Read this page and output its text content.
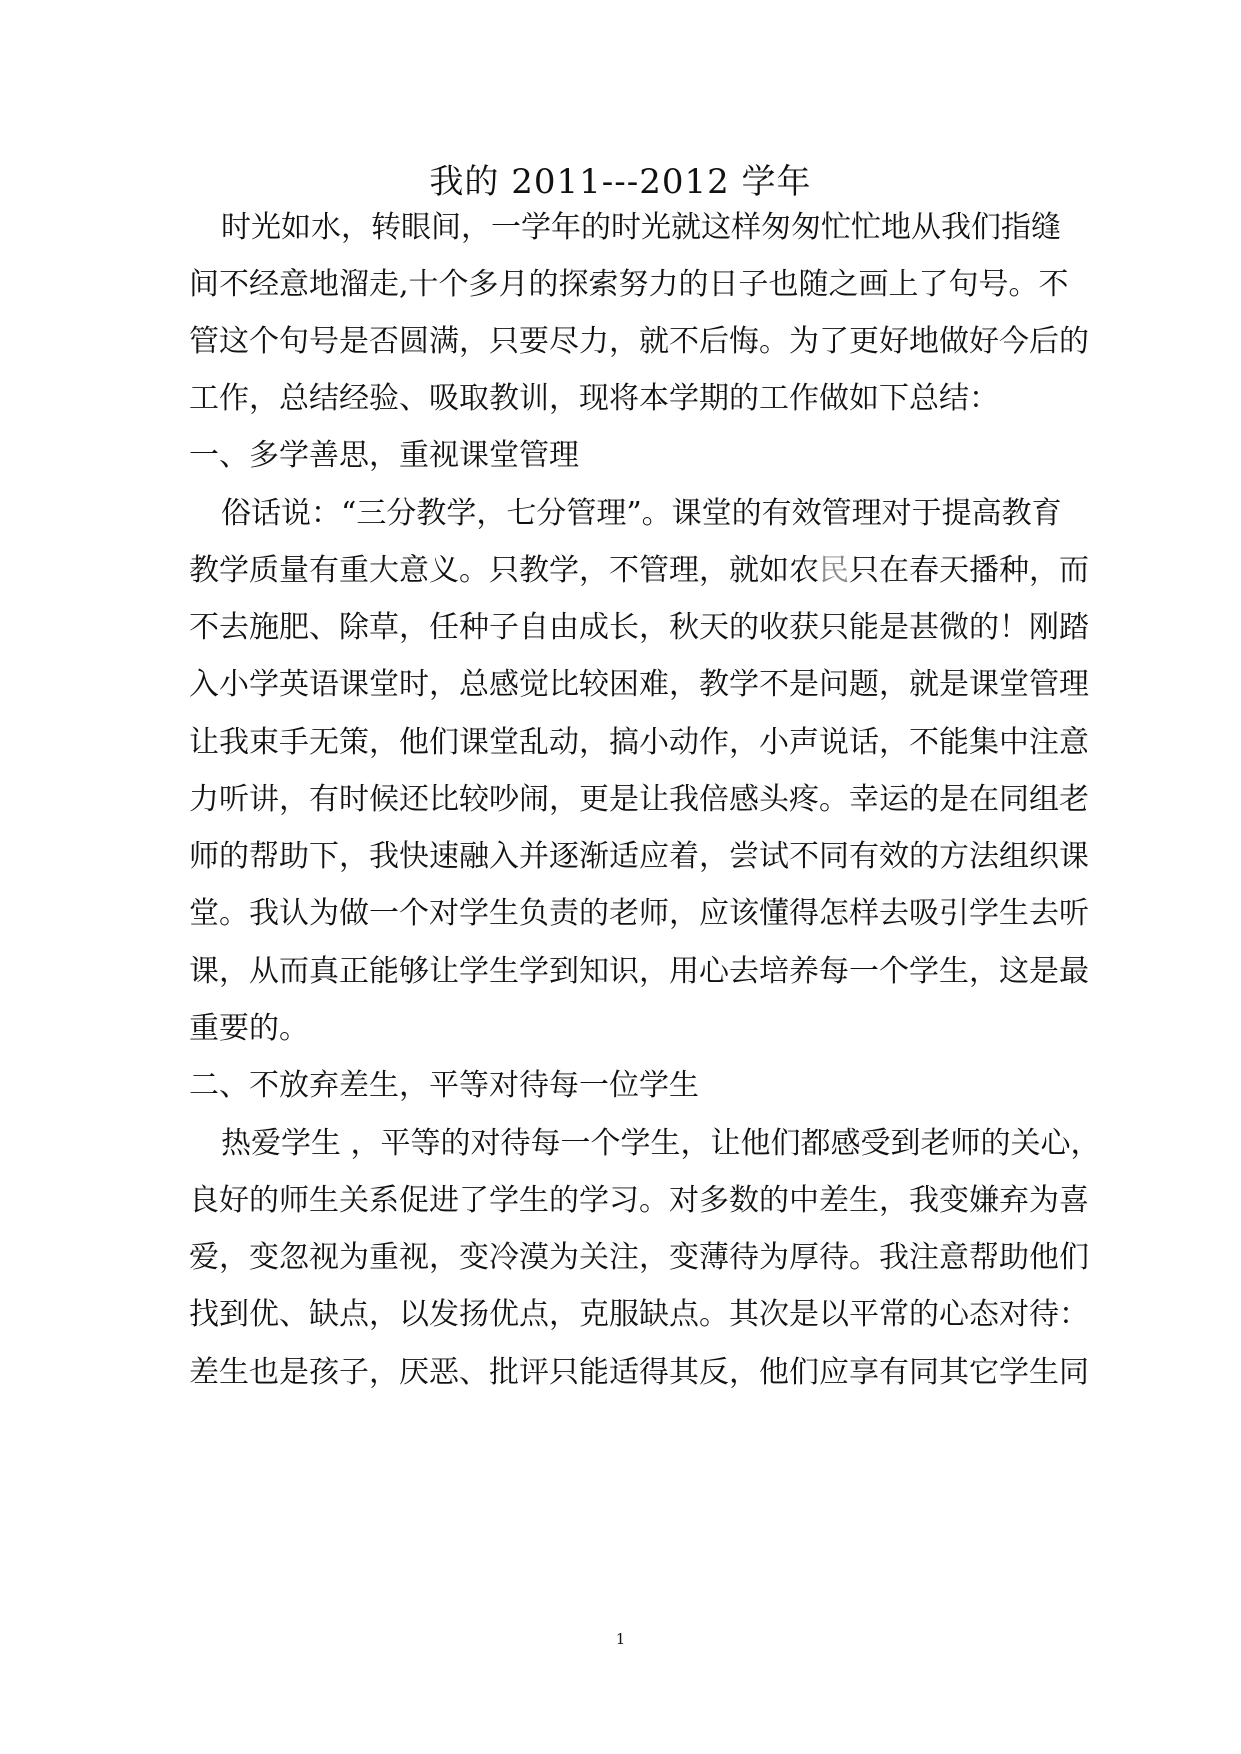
我的 2011---2012 学年
时光如水，转眼间，一学年的时光就这样匆匆忙忙地从我们指缝
间不经意地溜走,十个多月的探索努力的日子也随之画上了句号。不
管这个句号是否圆满，只要尽力，就不后悔。为了更好地做好今后的
工作，总结经验、吸取教训，现将本学期的工作做如下总结：
一、多学善思，重视课堂管理
俗话说：“三分教学，七分管理”。课堂的有效管理对于提高教育
教学质量有重大意义。只教学，不管理，就如农民只在春天播种，而
不去施肥、除草，任种子自由成长，秋天的收获只能是甚微的！刚踏
入小学英语课堂时，总感觉比较困难，教学不是问题，就是课堂管理
让我束手无策，他们课堂乱动，搞小动作，小声说话，不能集中注意
力听讲，有时候还比较吵闹，更是让我倍感头疼。幸运的是在同组老
师的帮助下，我快速融入并逐渐适应着，尝试不同有效的方法组织课
堂。我认为做一个对学生负责的老师，应该懂得怎样去吸引学生去听
课，从而真正能够让学生学到知识，用心去培养每一个学生，这是最
重要的。
二、不放弃差生，平等对待每一位学生
热爱学生 ，平等的对待每一个学生，让他们都感受到老师的关心，
良好的师生关系促进了学生的学习。对多数的中差生，我变嫌弃为喜
爱，变忽视为重视，变冷漠为关注，变薄待为厚待。我注意帮助他们
找到优、缺点，以发扬优点，克服缺点。其次是以平常的心态对待：
差生也是孩子，厌恶、批评只能适得其反，他们应享有同其它学生同
1
